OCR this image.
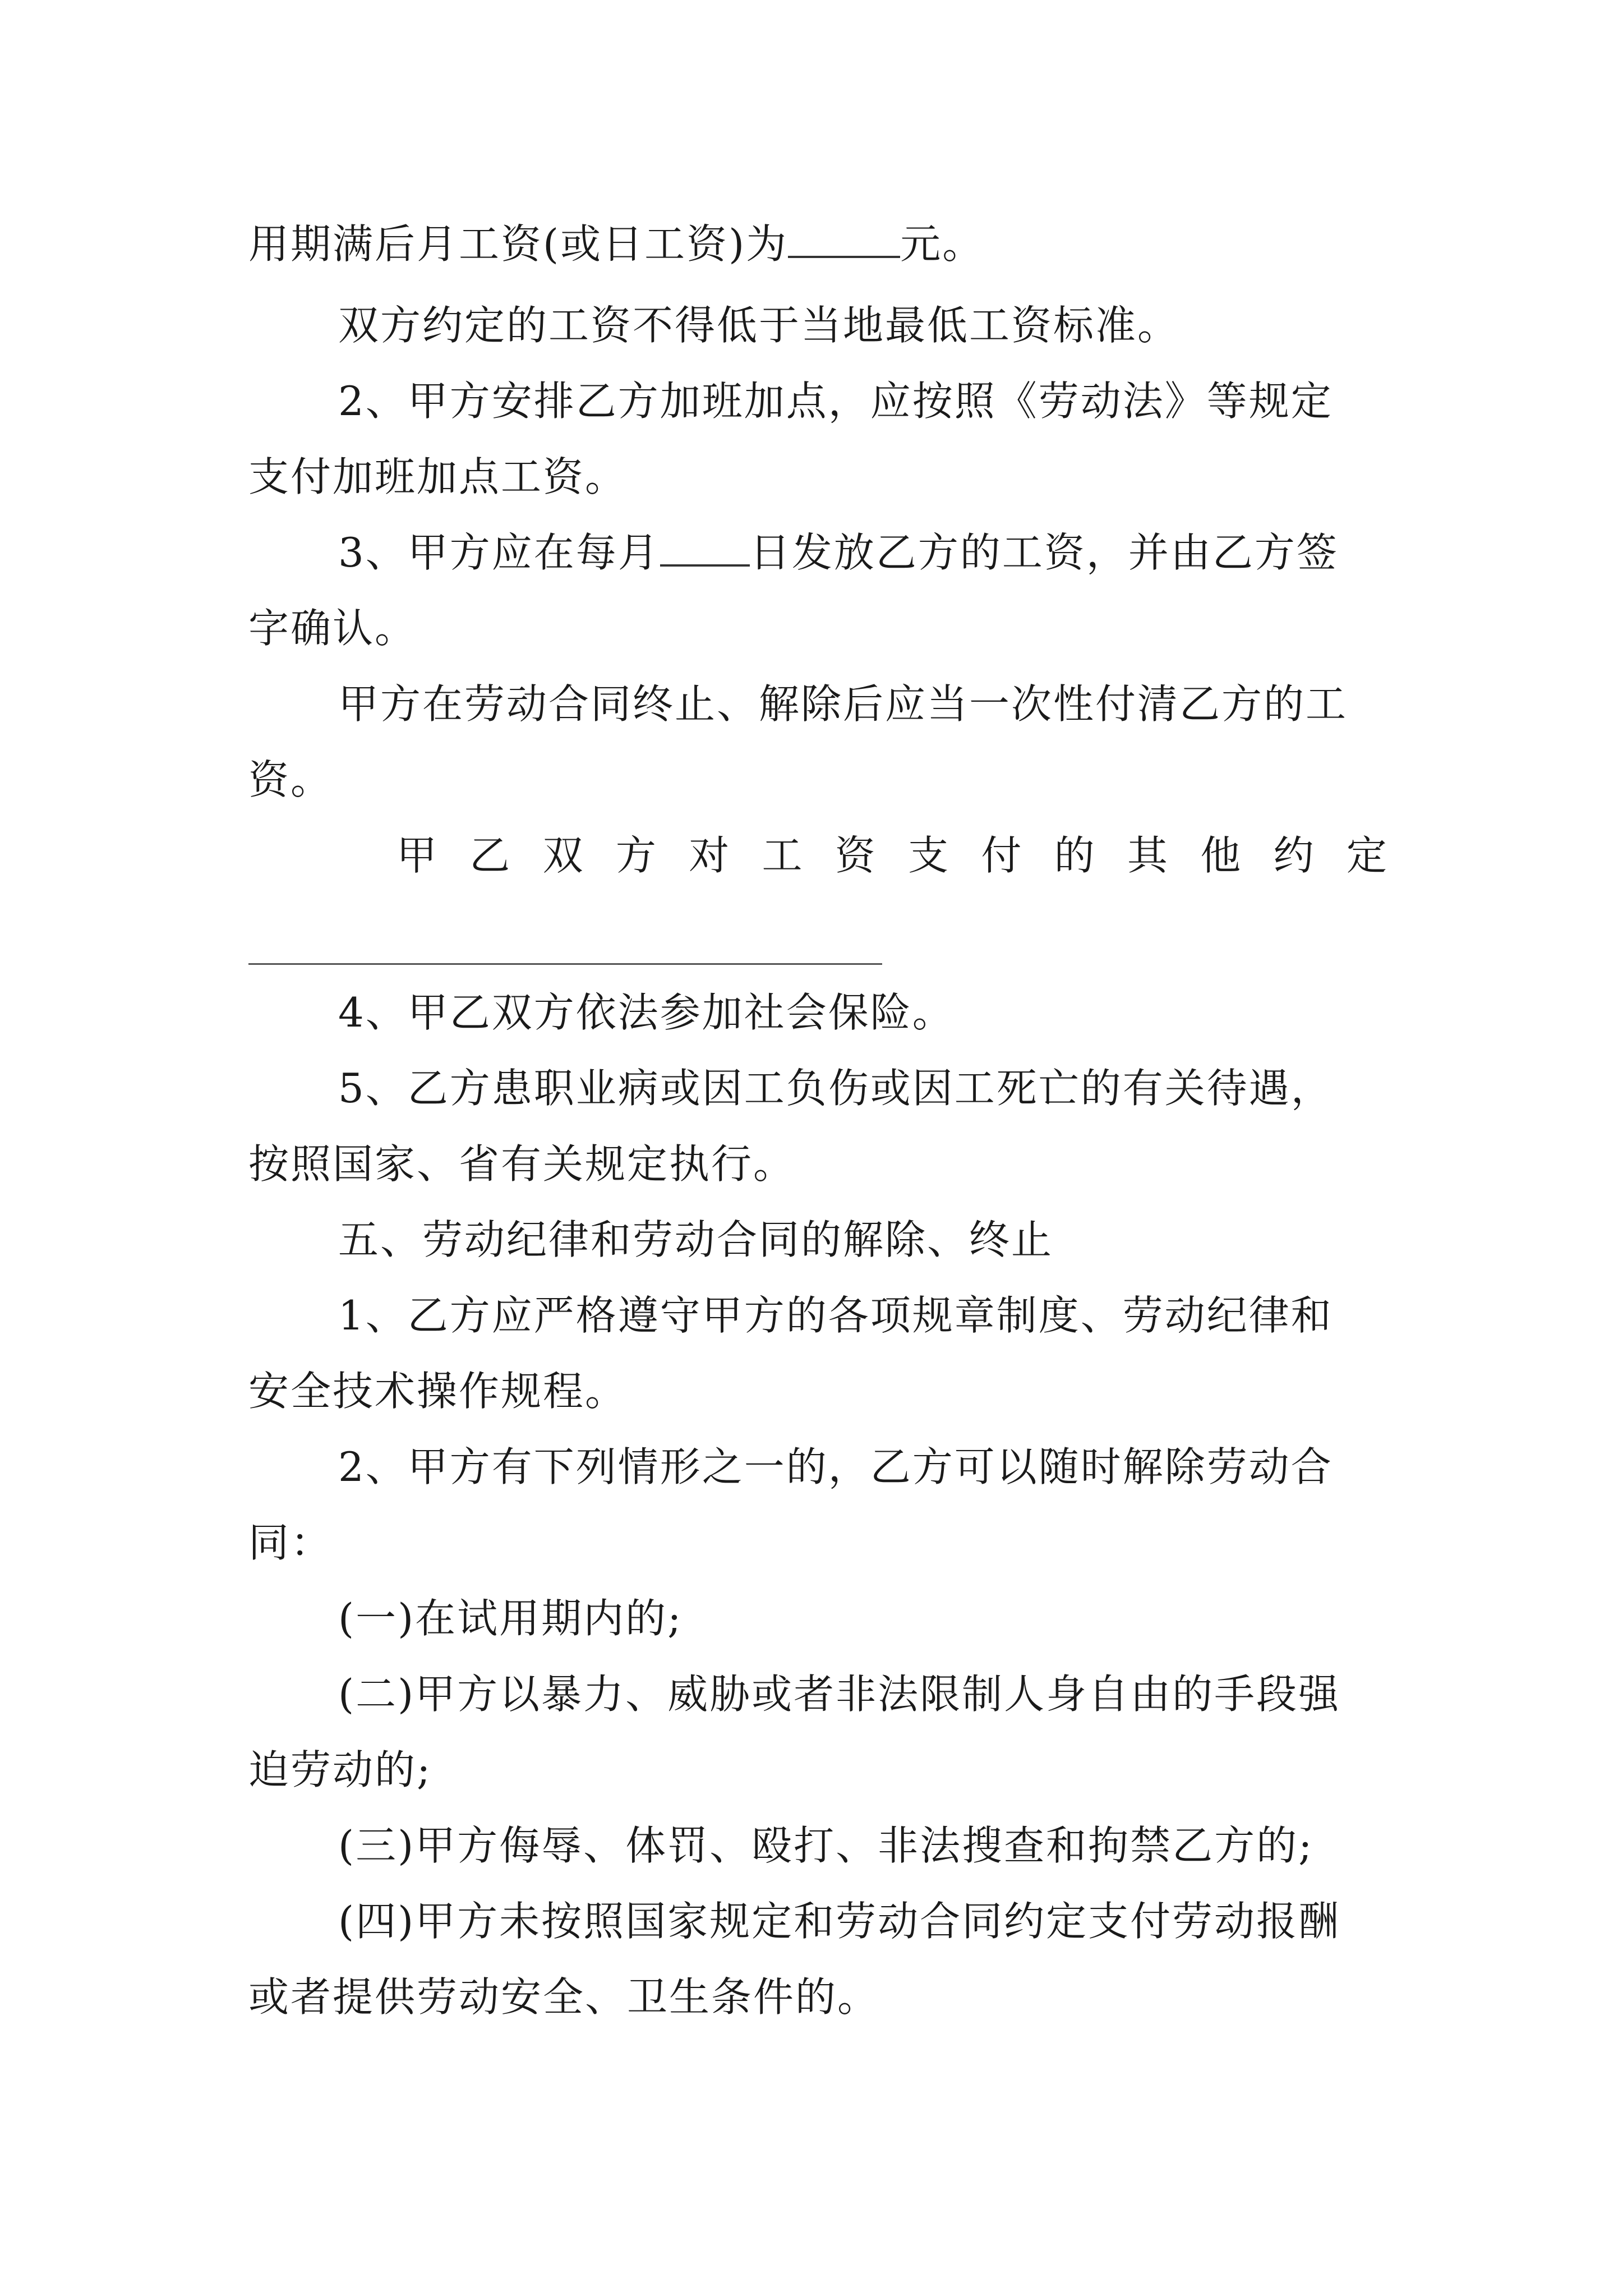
用期满后月工资(或日工资)为	元。
双方约定的工资不得低于当地最低工资标准。
2、甲方安排乙方加班加点，应按照《劳动法》等规定
支付加班加点工资。
3、甲方应在每月 日发放乙方的工资，并由乙方签
字确认。
甲方在劳动合同终止、解除后应当一次性付清乙方的工
资。
甲 乙 双 方 对 工 资 支 付 的 其 他 约 定
4、甲乙双方依法参加社会保险。
5、乙方患职业病或因工负伤或因工死亡的有关待遇，
按照国家、省有关规定执行。
五、劳动纪律和劳动合同的解除、终止
1、乙方应严格遵守甲方的各项规章制度、劳动纪律和
安全技术操作规程。
2、甲方有下列情形之一的，乙方可以随时解除劳动合
同：
(一)在试用期内的;
(二)甲方以暴力、威胁或者非法限制人身自由的手段强
迫劳动的;
(三)甲方侮辱、体罚、殴打、非法搜查和拘禁乙方的;
(四)甲方未按照国家规定和劳动合同约定支付劳动报酬
或者提供劳动安全、卫生条件的。
